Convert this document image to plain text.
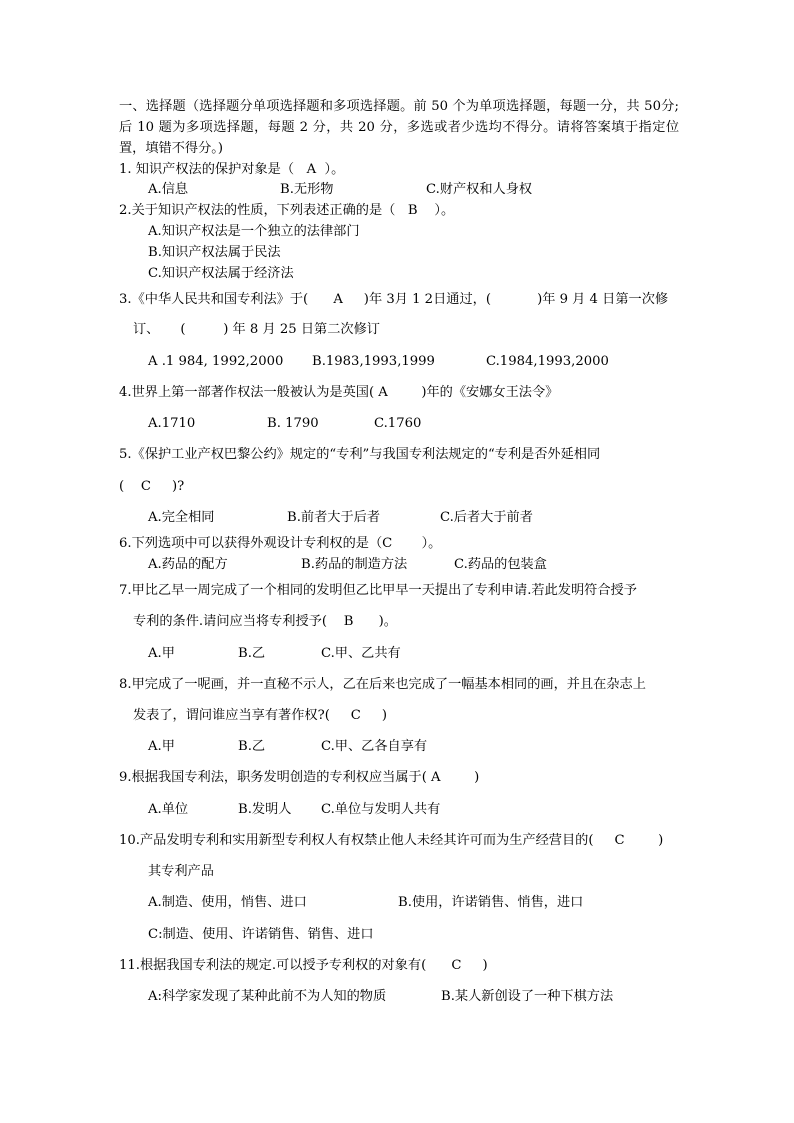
一、选择题（选择题分单项选择题和多项选择题。前 50 个为单项选择题，每题一分，共 50分; 后 10 题为多项选择题，每题 2 分，共 20 分，多选或者少选均不得分。请将答案填于指定位置，填错不得分。)
1. 知识产权法的保护对象是（   A  ）。
A.信息	B.无形物	C.财产权和人身权
2.关于知识产权法的性质，下列表述正确的是（   B    ）。
A.知识产权法是一个独立的法律部门
B.知识产权法属于民法
C.知识产权法属于经济法
3.《中华人民共和国专利法》于(      A     )年 3月 1 2日通过，(           )年 9 月 4 日第一次修
订、     (         ) 年 8 月 25 日第二次修订
A .1 984, 1992,2000 B.1983,1993,1999	C.1984,1993,2000
4.世界上第一部著作权法一般被认为是英国( A        )年的《安娜女王法令》
A.1710	B. 1790	C.1760
5.《保护工业产权巴黎公约》规定的“专利”与我国专利法规定的“专利是否外延相同
(    C     )?
A.完全相同	B.前者大于后者	C.后者大于前者
6.下列选项中可以获得外观设计专利权的是（C       ）。
A.药品的配方	B.药品的制造方法	C.药品的包装盒
7.甲比乙早一周完成了一个相同的发明但乙比甲早一天提出了专利申请.若此发明符合授予
专利的条件.请问应当将专利授予(    B      )。
A.甲	B.乙	C.甲、乙共有
8.甲完成了一呢画，并一直秘不示人，乙在后来也完成了一幅基本相同的画，并且在杂志上
发表了，谓问谁应当享有著作权?(     C     )
A.甲	B.乙	C.甲、乙各自享有
9.根据我国专利法，职务发明创造的专利权应当属于( A        )
A.单位	B.发明人 C.单位与发明人共有
10.产品发明专利和实用新型专利权人有权禁止他人未经其许可而为生产经营目的(     C        )
其专利产品
A.制造、使用，悄售、进口	B.使用，许诺销售、悄售，进口
C:制造、使用、许诺销售、销售、进口
11.根据我国专利法的规定.可以授予专利权的对象有(      C     )
A:科学家发现了某种此前不为人知的物质	B.某人新创设了一种下棋方法
